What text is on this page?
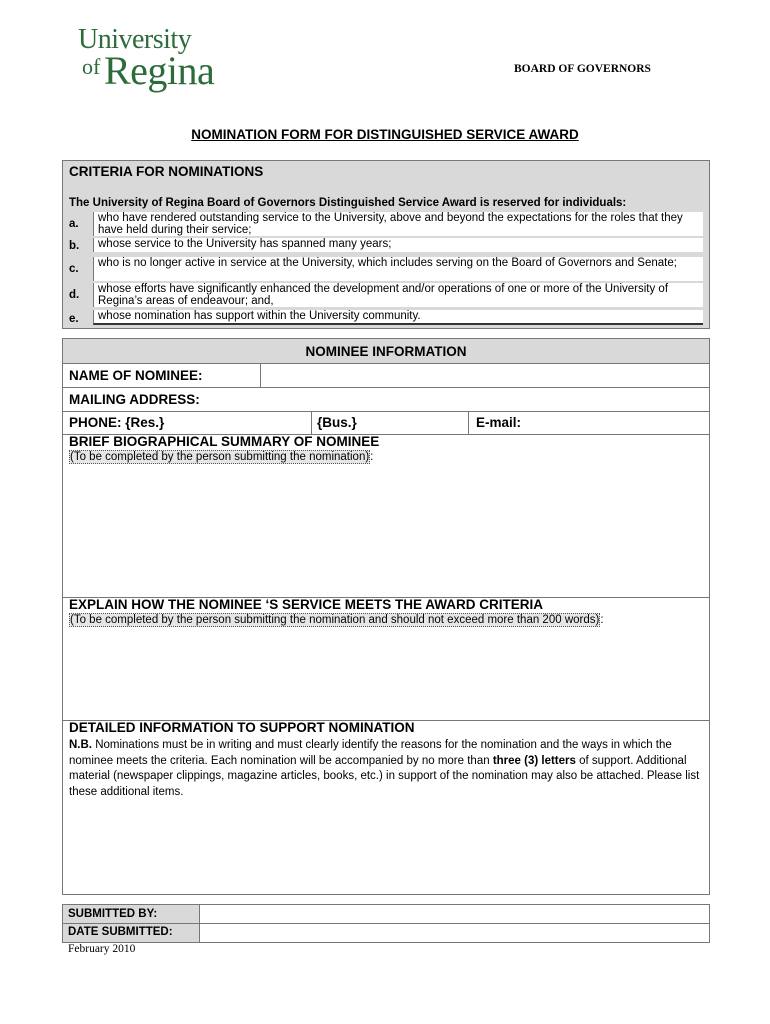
University
of Regina	BOARD OF GOVERNORS
NOMINATION FORM FOR DISTINGUISHED SERVICE AWARD
CRITERIA FOR NOMINATIONS
The University of Regina Board of Governors Distinguished Service Award is reserved for individuals:
a.	who have rendered outstanding service to the University, above and beyond the expectations for the roles that they have held during their service;
b.	whose service to the University has spanned many years;
c.	who is no longer active in service at the University, which includes serving on the Board of Governors and Senate;
d.	whose efforts have significantly enhanced the development and/or operations of one or more of the University of Regina’s areas of endeavour; and,
e.	whose nomination has support within the University community.
NOMINEE INFORMATION
NAME OF NOMINEE:
MAILING ADDRESS:
PHONE: {Res.}	{Bus.}	E-mail:
BRIEF BIOGRAPHICAL SUMMARY OF NOMINEE
(To be completed by the person submitting the nomination):
EXPLAIN HOW THE NOMINEE ‘S SERVICE MEETS THE AWARD CRITERIA
(To be completed by the person submitting the nomination and should not exceed more than 200 words):
DETAILED INFORMATION TO SUPPORT NOMINATION
N.B. Nominations must be in writing and must clearly identify the reasons for the nomination and the ways in which the nominee meets the criteria. Each nomination will be accompanied by no more than three (3) letters of support. Additional material (newspaper clippings, magazine articles, books, etc.) in support of the nomination may also be attached. Please list these additional items.
SUBMITTED BY:
DATE SUBMITTED:
February 2010
